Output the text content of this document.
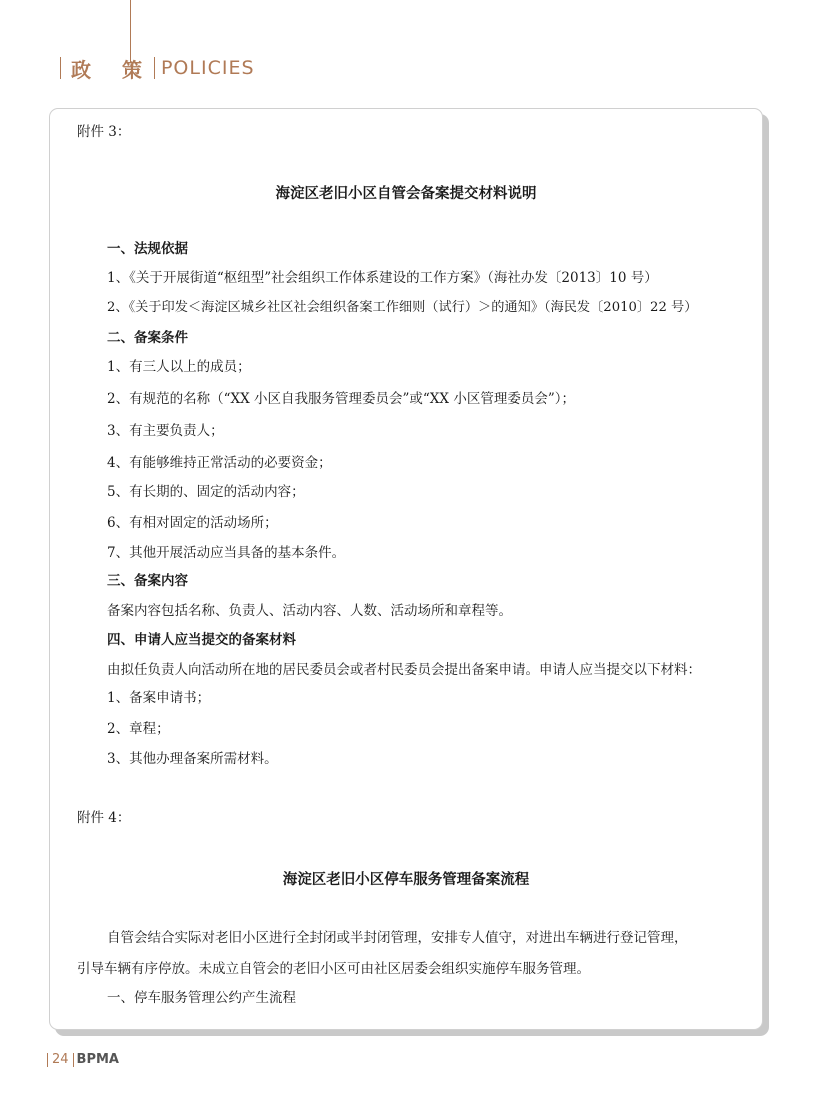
政 策 POLICIES
附件 3：
海淀区老旧小区自管会备案提交材料说明
一、法规依据
1、《关于开展街道“枢纽型”社会组织工作体系建设的工作方案》（海社办发〔2013〕10 号）
2、《关于印发＜海淀区城乡社区社会组织备案工作细则（试行）＞的通知》（海民发〔2010〕22 号）
二、备案条件
1、有三人以上的成员；
2、有规范的名称（“XX 小区自我服务管理委员会”或“XX 小区管理委员会”）；
3、有主要负责人；
4、有能够维持正常活动的必要资金；
5、有长期的、固定的活动内容；
6、有相对固定的活动场所；
7、其他开展活动应当具备的基本条件。
三、备案内容
备案内容包括名称、负责人、活动内容、人数、活动场所和章程等。
四、申请人应当提交的备案材料
由拟任负责人向活动所在地的居民委员会或者村民委员会提出备案申请。申请人应当提交以下材料：
1、备案申请书；
2、章程；
3、其他办理备案所需材料。
附件 4：
海淀区老旧小区停车服务管理备案流程
自管会结合实际对老旧小区进行全封闭或半封闭管理，安排专人值守，对进出车辆进行登记管理，
引导车辆有序停放。未成立自管会的老旧小区可由社区居委会组织实施停车服务管理。
一、停车服务管理公约产生流程
24 BPMA
